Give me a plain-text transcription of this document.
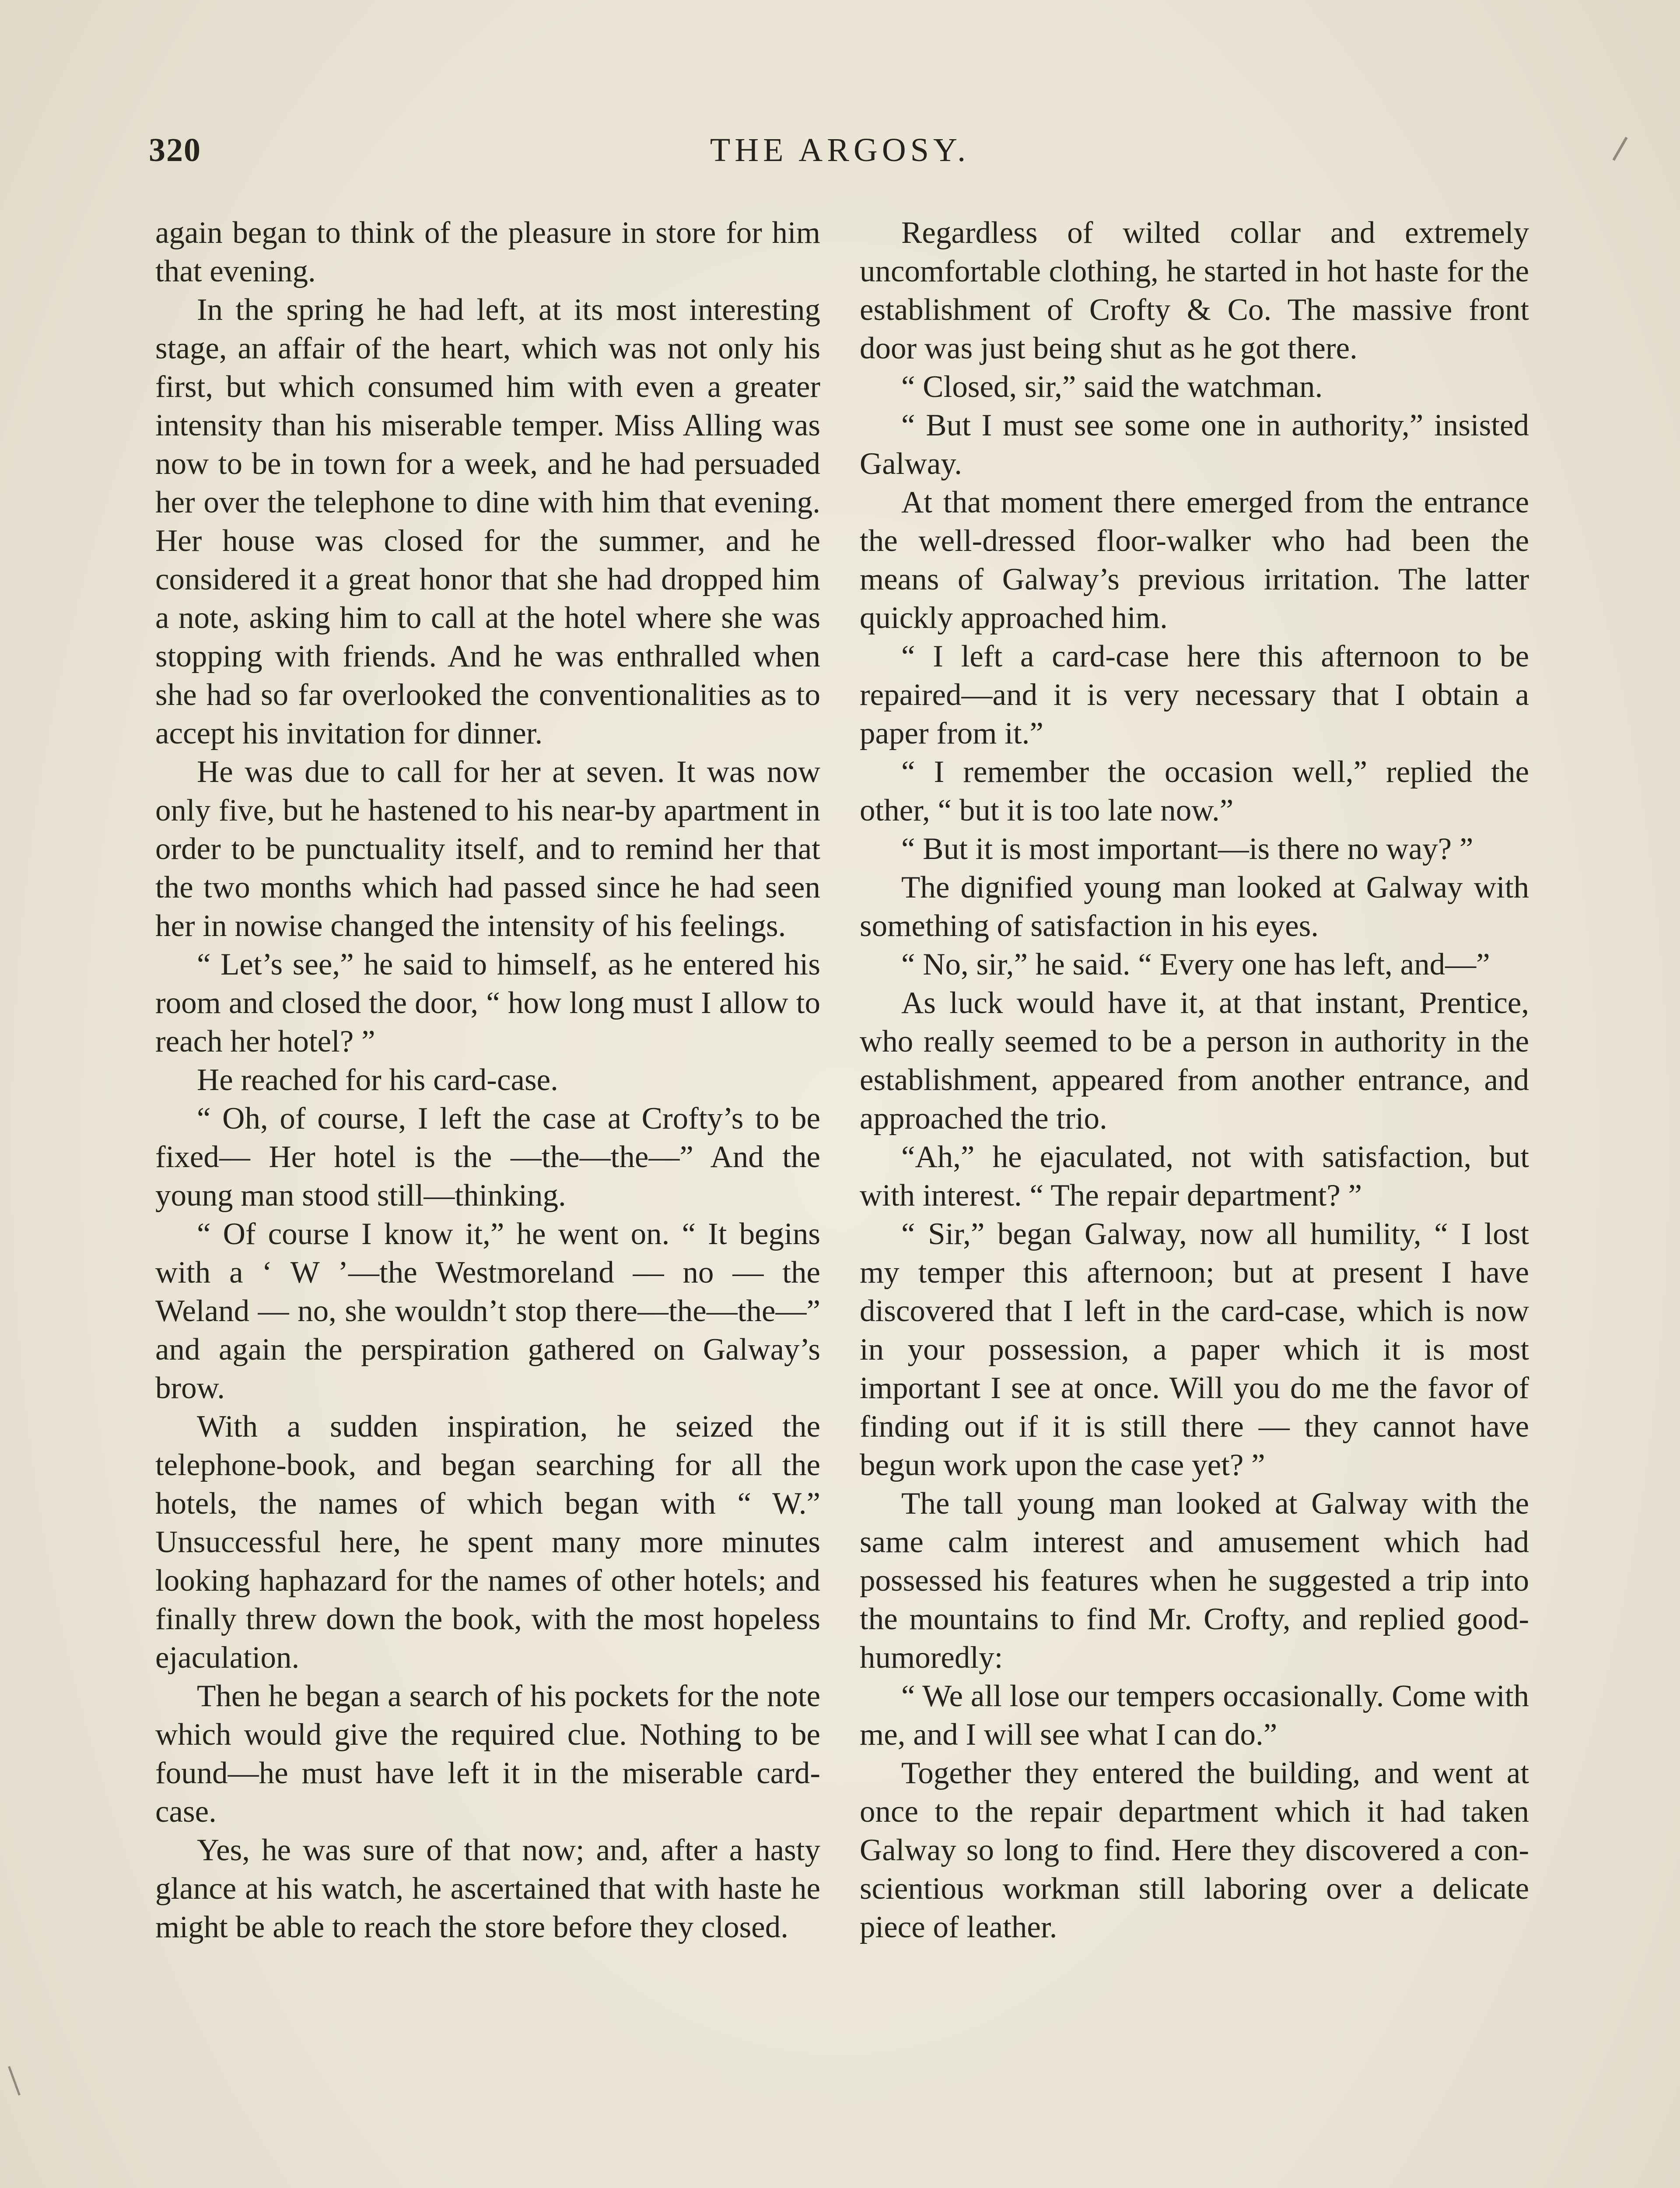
320	THE ARGOSY.

again began to think of the pleasure in store for him that evening.

In the spring he had left, at its most interesting stage, an affair of the heart, which was not only his first, but which consumed him with even a greater intensity than his miserable temper. Miss Alling was now to be in town for a week, and he had persuaded her over the telephone to dine with him that evening. Her house was closed for the summer, and he considered it a great honor that she had dropped him a note, asking him to call at the hotel where she was stopping with friends. And he was enthralled when she had so far overlooked the conventionalities as to accept his invitation for dinner.

He was due to call for her at seven. It was now only five, but he hastened to his near-by apartment in order to be punctuality itself, and to remind her that the two months which had passed since he had seen her in nowise changed the intensity of his feelings.

“ Let’s see,” he said to himself, as he entered his room and closed the door, “ how long must I allow to reach her hotel? ”

He reached for his card-case.

“ Oh, of course, I left the case at Crofty’s to be fixed— Her hotel is the —the—the—” And the young man stood still—thinking.

“ Of course I know it,” he went on. “ It begins with a ‘ W ’—the Westmoreland — no — the Weland — no, she wouldn’t stop there—the—the—” and again the perspiration gathered on Galway’s brow.

With a sudden inspiration, he seized the telephone-book, and began searching for all the hotels, the names of which began with “ W.” Unsuccessful here, he spent many more minutes looking haphazard for the names of other hotels; and finally threw down the book, with the most hopeless ejaculation.

Then he began a search of his pockets for the note which would give the required clue. Nothing to be found—he must have left it in the miserable card-case.

Yes, he was sure of that now; and, after a hasty glance at his watch, he ascertained that with haste he might be able to reach the store before they closed.

Regardless of wilted collar and extremely uncomfortable clothing, he started in hot haste for the establishment of Crofty & Co. The massive front door was just being shut as he got there.

“ Closed, sir,” said the watchman.

“ But I must see some one in authority,” insisted Galway.

At that moment there emerged from the entrance the well-dressed floor-walker who had been the means of Galway’s previous irritation. The latter quickly approached him.

“ I left a card-case here this afternoon to be repaired—and it is very necessary that I obtain a paper from it.”

“ I remember the occasion well,” replied the other, “ but it is too late now.”

“ But it is most important—is there no way? ”

The dignified young man looked at Galway with something of satisfaction in his eyes.

“ No, sir,” he said. “ Every one has left, and—”

As luck would have it, at that instant, Prentice, who really seemed to be a person in authority in the establishment, appeared from another entrance, and approached the trio.

“Ah,” he ejaculated, not with satisfaction, but with interest. “ The repair department? ”

“ Sir,” began Galway, now all humility, “ I lost my temper this afternoon; but at present I have discovered that I left in the card-case, which is now in your possession, a paper which it is most important I see at once. Will you do me the favor of finding out if it is still there — they cannot have begun work upon the case yet? ”

The tall young man looked at Galway with the same calm interest and amusement which had possessed his features when he suggested a trip into the mountains to find Mr. Crofty, and replied good-humoredly:

“ We all lose our tempers occasionally. Come with me, and I will see what I can do.”

Together they entered the building, and went at once to the repair department which it had taken Galway so long to find. Here they discovered a conscientious workman still laboring over a delicate piece of leather.
